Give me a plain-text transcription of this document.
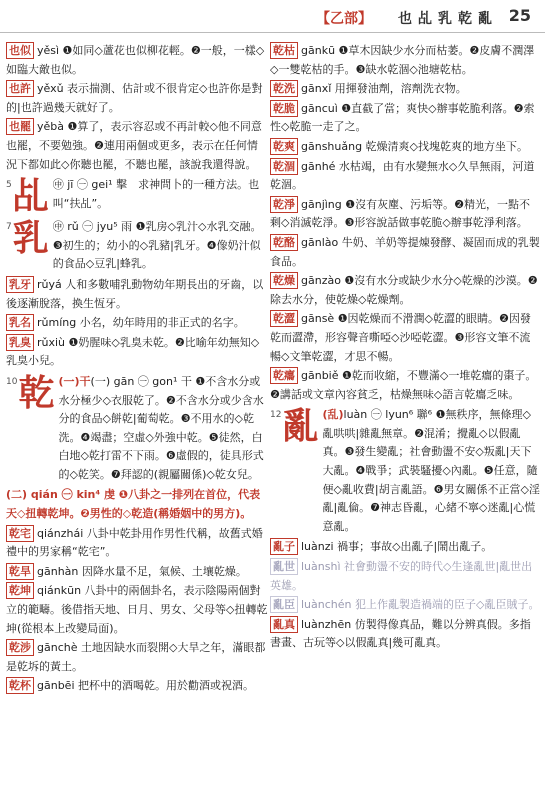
【乙部】 也乩乳乾亂 25
也似 yěsì ❶如同◇蘆花也似柳花輕。❷一般，一樣◇如臨大敵也似。
也許 yěxǔ 表示揣測、估計或不很肯定◇也許你是對的|也許過幾天就好了。
也罷 yěbà ❶算了，表示容忍或不再計較◇他不同意也罷，不要勉強。❷連用兩個或更多，表示在任何情況下都如此◇你聽也罷，不聽也罷，該說我還得說。
5 乩 ㊥ jī ㊀ gei¹ 擊　求神問卜的一種方法。也叫“扶乩”。
7 乳 ㊥ rǔ ㊀ jyu⁵ 雨 ❶乳房◇乳汁◇水乳交融。❸初生的；幼小的◇乳豬|乳牙。❹像奶汁似的食品◇豆乳|蜂乳。
乳牙 rǔyá 人和多數哺乳動物幼年期長出的牙齒，以後逐漸脫落，換生恆牙。
乳名 rǔmíng 小名，幼年時用的非正式的名字。
乳臭 rǔxiù ❶奶腥味◇乳臭未乾。❷比喻年幼無知◇乳臭小兒。
10 乾 (一)干(一) gān ㊀ gon¹ 干 ❶不含水分或水分極少◇衣服乾了。❷不含水分或少含水分的食品◇餅乾|葡萄乾。❸不用水的◇乾洗。❹竭盡；空虛◇外強中乾。❺徒然，白白地◇乾打雷不下雨。❻虛假的，徒具形式的◇乾笑。❼拜認的(親屬關係)◇乾女兒。
(二) qián ㊀ kin⁴ 虔 ❶八卦之一排列在首位，代表天◇扭轉乾坤。❷男性的◇乾造(稱婚姻中的男方)。
乾宅 qiánzhái 八卦中乾卦用作男性代稱，故舊式婚禮中的男家稱“乾宅”。
乾旱 gānhàn 因降水量不足，氣候、土壤乾燥。
乾坤 qiánkūn 八卦中的兩個卦名，表示陰陽兩個對立的範疇。後借指天地、日月、男女、父母等◇扭轉乾坤(從根本上改變局面)。
乾涉 gānchè 土地因缺水而裂開◇大旱之年，滿眼都是乾坼的黃土。
乾杯 gānbēi 把杯中的酒喝乾。用於勸酒或祝酒。
乾枯 gānkū ❶草木因缺少水分而枯萎。❷皮膚不潤澤◇一雙乾枯的手。❸缺水乾涸◇池塘乾枯。
乾洗 gānxǐ 用揮發油劑，溶劑洗衣物。
乾脆 gāncuì ❶直截了當；爽快◇辦事乾脆利落。❷索性◇乾脆一走了之。
乾爽 gānshuǎng 乾燥清爽◇找塊乾爽的地方坐下。
乾涸 gānhé 水枯竭，由有水變無水◇久旱無雨，河道乾涸。
乾淨 gānjìng ❶沒有灰塵、污垢等。❷精光，一點不剩◇消滅乾淨。❸形容說話做事乾脆◇辦事乾淨利落。
乾酪 gānlào 牛奶、羊奶等提煉發酵、凝固而成的乳製食品。
乾燥 gānzào ❶沒有水分或缺少水分◇乾燥的沙漠。❷除去水分，使乾燥◇乾燥劑。
乾澀 gānsè ❶因乾燥而不滑潤◇乾澀的眼睛。❷因發乾而澀滯，形容聲音嘶啞◇沙啞乾澀。❸形容文筆不流暢◇文筆乾澀，才思不暢。
乾癟 gānbiě ❶乾而收縮，不豐滿◇一堆乾癟的棗子。❷講話或文章內容貧乏，枯燥無味◇語言乾癟乏味。
12 亂 (乱)luàn ㊀ lyun⁶ 聯⁶ ❶無秩序，無條理◇亂哄哄|雜亂無章。❷混淆；攪亂◇以假亂真。❸發生變亂；社會動盪不安◇叛亂|天下大亂。❹戰爭；武裝騷擾◇內亂。❺任意，隨便◇亂收費|胡言亂語。❻男女關係不正當◇淫亂|亂倫。❼神志昏亂，心緒不寧◇迷亂|心慌意亂。
亂子 luànzi 禍事；事故◇出亂子|鬧出亂子。
亂世 luànshì 社會動盪不安的時代◇生逢亂世|亂世出英雄。
亂臣 luànchén 犯上作亂製造禍端的臣子◇亂臣賊子。
亂真 luànzhēn 仿製得像真品，難以分辨真假。多指書畫、古玩等◇以假亂真|幾可亂真。
